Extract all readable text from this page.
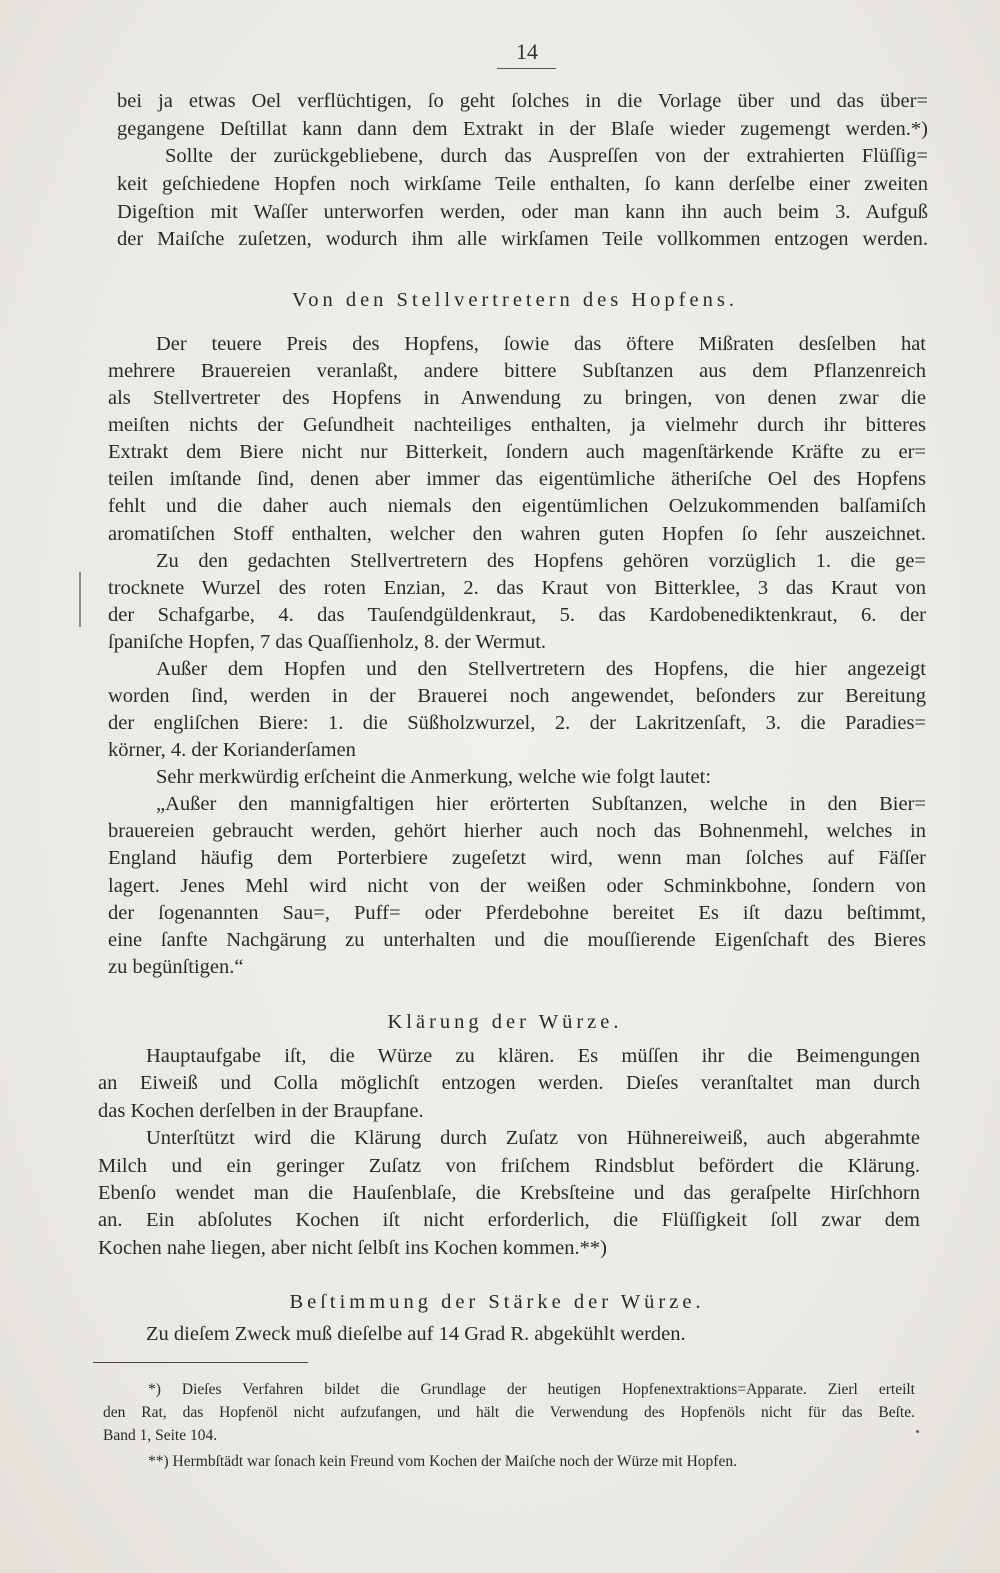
14
bei ja etwas Oel verflüchtigen, ſo geht ſolches in die Vorlage über und das über=
gegangene Deſtillat kann dann dem Extrakt in der Blaſe wieder zugemengt werden.*)
Sollte der zurückgebliebene, durch das Auspreſſen von der extrahierten Flüſſig=
keit geſchiedene Hopfen noch wirkſame Teile enthalten, ſo kann derſelbe einer zweiten
Digeſtion mit Waſſer unterworfen werden, oder man kann ihn auch beim 3. Aufguß
der Maiſche zuſetzen, wodurch ihm alle wirkſamen Teile vollkommen entzogen werden.
Von den Stellvertretern des Hopfens.
Der teuere Preis des Hopfens, ſowie das öftere Mißraten desſelben hat
mehrere Brauereien veranlaßt, andere bittere Subſtanzen aus dem Pflanzenreich
als Stellvertreter des Hopfens in Anwendung zu bringen, von denen zwar die
meiſten nichts der Geſundheit nachteiliges enthalten, ja vielmehr durch ihr bitteres
Extrakt dem Biere nicht nur Bitterkeit, ſondern auch magenſtärkende Kräfte zu er=
teilen imſtande ſind, denen aber immer das eigentümliche ätheriſche Oel des Hopfens
fehlt und die daher auch niemals den eigentümlichen Oelzukommenden balſamiſch
aromatiſchen Stoff enthalten, welcher den wahren guten Hopfen ſo ſehr auszeichnet.
Zu den gedachten Stellvertretern des Hopfens gehören vorzüglich 1. die ge=
trocknete Wurzel des roten Enzian, 2. das Kraut von Bitterklee, 3 das Kraut von
der Schafgarbe, 4. das Tauſendgüldenkraut, 5. das Kardobenediktenkraut, 6. der
ſpaniſche Hopfen, 7 das Quaſſienholz, 8. der Wermut.
Außer dem Hopfen und den Stellvertretern des Hopfens, die hier angezeigt
worden ſind, werden in der Brauerei noch angewendet, beſonders zur Bereitung
der engliſchen Biere: 1. die Süßholzwurzel, 2. der Lakritzenſaft, 3. die Paradies=
körner, 4. der Korianderſamen
Sehr merkwürdig erſcheint die Anmerkung, welche wie folgt lautet:
„Außer den mannigfaltigen hier erörterten Subſtanzen, welche in den Bier=
brauereien gebraucht werden, gehört hierher auch noch das Bohnenmehl, welches in
England häufig dem Porterbiere zugeſetzt wird, wenn man ſolches auf Fäſſer
lagert. Jenes Mehl wird nicht von der weißen oder Schminkbohne, ſondern von
der ſogenannten Sau=, Puff= oder Pferdebohne bereitet Es iſt dazu beſtimmt,
eine ſanfte Nachgärung zu unterhalten und die mouſſierende Eigenſchaft des Bieres
zu begünſtigen.“
Klärung der Würze.
Hauptaufgabe iſt, die Würze zu klären. Es müſſen ihr die Beimengungen
an Eiweiß und Colla möglichſt entzogen werden. Dieſes veranſtaltet man durch
das Kochen derſelben in der Braupfane.
Unterſtützt wird die Klärung durch Zuſatz von Hühnereiweiß, auch abgerahmte
Milch und ein geringer Zuſatz von friſchem Rindsblut befördert die Klärung.
Ebenſo wendet man die Hauſenblaſe, die Krebsſteine und das geraſpelte Hirſchhorn
an. Ein abſolutes Kochen iſt nicht erforderlich, die Flüſſigkeit ſoll zwar dem
Kochen nahe liegen, aber nicht ſelbſt ins Kochen kommen.**)
Beſtimmung der Stärke der Würze.
Zu dieſem Zweck muß dieſelbe auf 14 Grad R. abgekühlt werden.
*) Dieſes Verfahren bildet die Grundlage der heutigen Hopfenextraktions=Apparate. Zierl erteilt
den Rat, das Hopfenöl nicht aufzufangen, und hält die Verwendung des Hopfenöls nicht für das Beſte.
Band 1, Seite 104.
**) Hermbſtädt war ſonach kein Freund vom Kochen der Maiſche noch der Würze mit Hopfen.
